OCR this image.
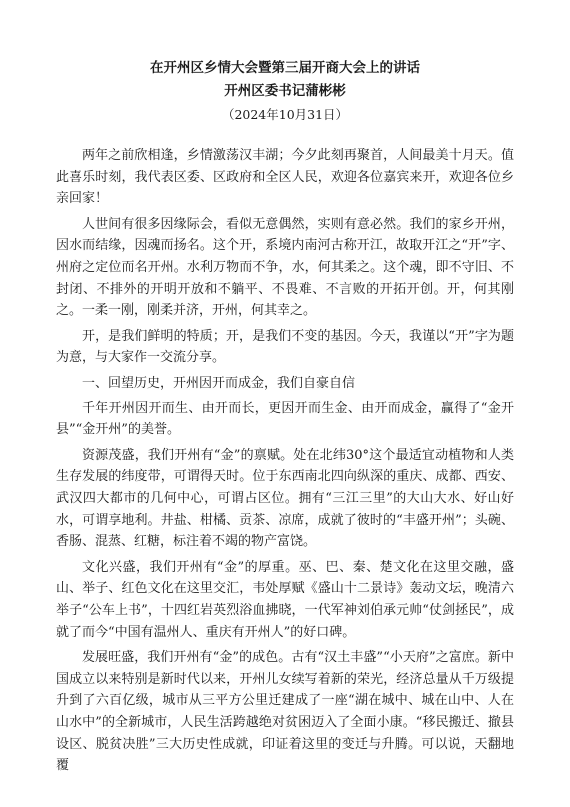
在开州区乡情大会暨第三届开商大会上的讲话
开州区委书记蒲彬彬
（2024年10月31日）

两年之前欣相逢，乡情激荡汉丰湖；今夕此刻再聚首，人间最美十月天。值此喜乐时刻，我代表区委、区政府和全区人民，欢迎各位嘉宾来开，欢迎各位乡亲回家！

人世间有很多因缘际会，看似无意偶然，实则有意必然。我们的家乡开州，因水而结缘，因魂而扬名。这个开，系境内南河古称开江，故取开江之“开”字、州府之定位而名开州。水利万物而不争，水，何其柔之。这个魂，即不守旧、不封闭、不排外的开明开放和不躺平、不畏难、不言败的开拓开创。开，何其刚之。一柔一刚，刚柔并济，开州，何其幸之。

开，是我们鲜明的特质；开，是我们不变的基因。今天，我谨以“开”字为题为意，与大家作一交流分享。

一、回望历史，开州因开而成金，我们自豪自信

千年开州因开而生、由开而长，更因开而生金、由开而成金，赢得了“金开县”“金开州”的美誉。

资源茂盛，我们开州有“金”的禀赋。处在北纬30°这个最适宜动植物和人类生存发展的纬度带，可谓得天时。位于东西南北四向纵深的重庆、成都、西安、武汉四大都市的几何中心，可谓占区位。拥有“三江三里”的大山大水、好山好水，可谓享地利。井盐、柑橘、贡茶、凉席，成就了彼时的“丰盛开州”；头碗、香肠、混蒸、红糖，标注着不竭的物产富饶。

文化兴盛，我们开州有“金”的厚重。巫、巴、秦、楚文化在这里交融，盛山、举子、红色文化在这里交汇，韦处厚赋《盛山十二景诗》轰动文坛，晚清六举子“公车上书”，十四红岩英烈浴血拂晓，一代军神刘伯承元帅“仗剑拯民”，成就了而今“中国有温州人、重庆有开州人”的好口碑。

发展旺盛，我们开州有“金”的成色。古有“汉土丰盛”“小天府”之富庶。新中国成立以来特别是新时代以来，开州儿女续写着新的荣光，经济总量从千万级提升到了六百亿级，城市从三平方公里迁建成了一座“湖在城中、城在山中、人在山水中”的全新城市，人民生活跨越绝对贫困迈入了全面小康。“移民搬迁、撤县设区、脱贫决胜”三大历史性成就，印证着这里的变迁与升腾。可以说，天翻地覆
